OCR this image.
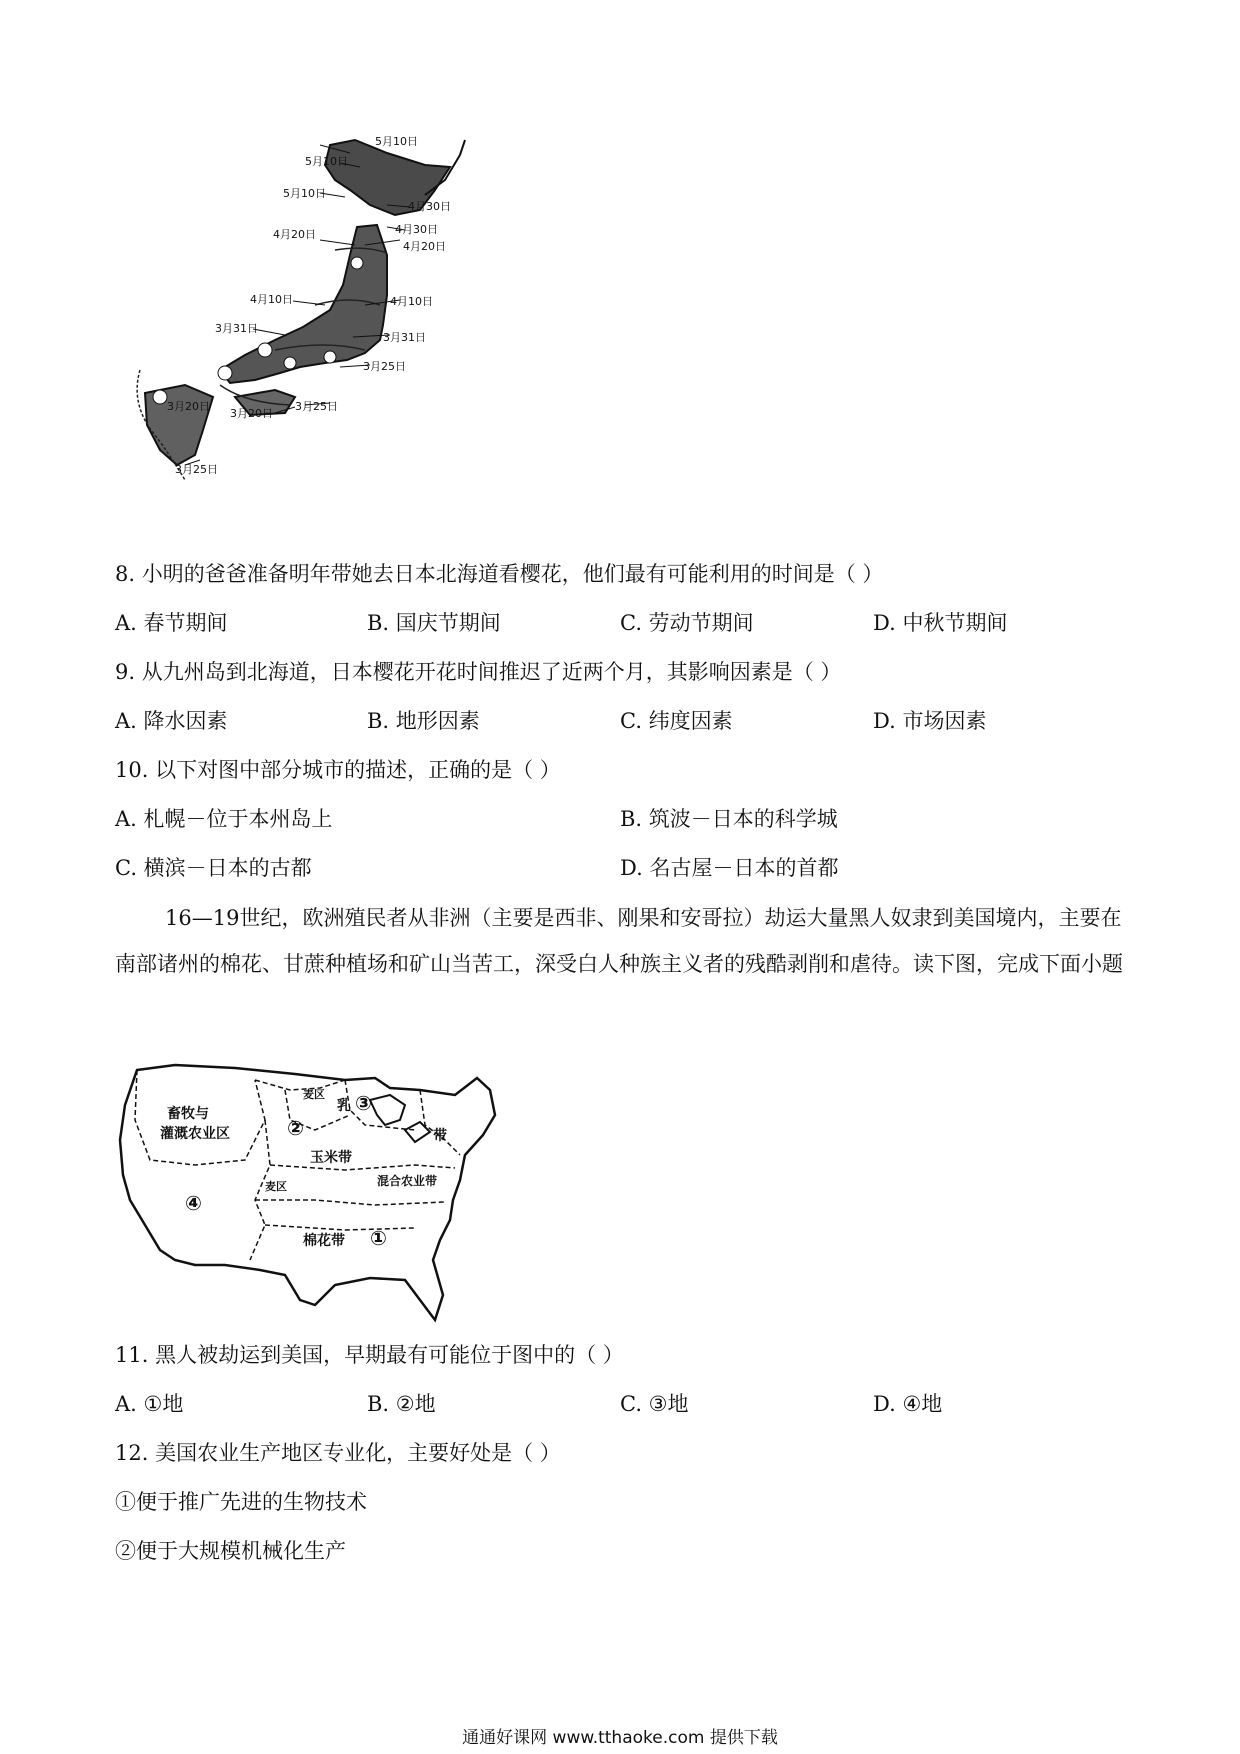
5月10日
5月10日
4月30日
5月10日
4月30日
4月20日
4月20日
4月10日	4月10日
3月31日
3月31日
3月25日
3月25日
3月20日
3月20日
3月25日
8. 小明的爸爸准备明年带她去日本北海道看樱花，他们最有可能利用的时间是（ ）
A. 春节期间	B. 国庆节期间	C. 劳动节期间	D. 中秋节期间
9. 从九州岛到北海道，日本樱花开花时间推迟了近两个月，其影响因素是（ ）
A. 降水因素	B. 地形因素	C. 纬度因素	D. 市场因素
10. 以下对图中部分城市的描述，正确的是（ ）
A. 札幌－位于本州岛上	B. 筑波－日本的科学城
C. 横滨－日本的古都	D. 名古屋－日本的首都
16—19世纪，欧洲殖民者从非洲（主要是西非、刚果和安哥拉）劫运大量黑人奴隶到美国境内，主要在南部诸州的棉花、甘蔗种植场和矿山当苦工，深受白人种族主义者的残酷剥削和虐待。读下图，完成下面小题
畜牧与
灌溉农业区
④
②
乳 ③
玉米带
混合农业带
棉花带 ①
麦区
麦区
带
11. 黑人被劫运到美国，早期最有可能位于图中的（ ）
A. ①地	B. ②地	C. ③地	D. ④地
12. 美国农业生产地区专业化，主要好处是（ ）
①便于推广先进的生物技术
②便于大规模机械化生产
通通好课网 www.tthaoke.com 提供下载
